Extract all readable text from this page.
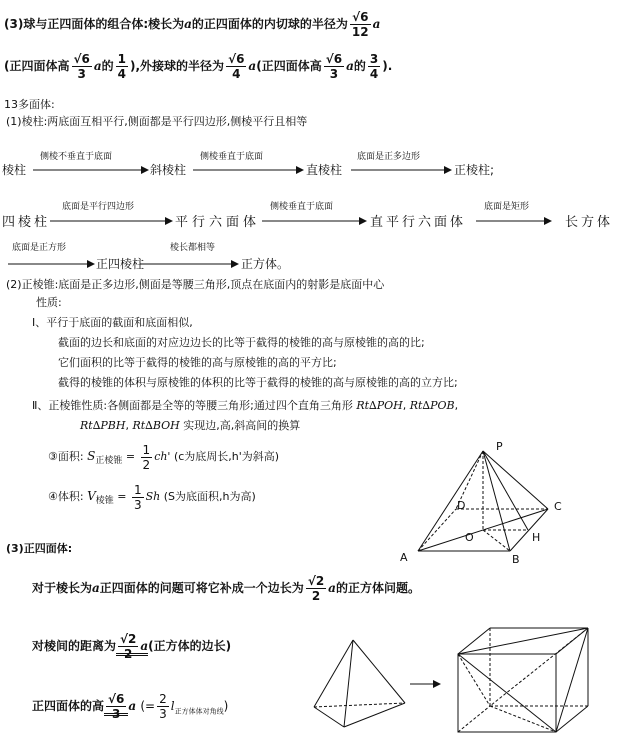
(3)球与正四面体的组合体:棱长为a的正四面体的内切球的半径为 $\frac{√6}{12}$ a
(正四面体高 $\frac{√6}{3}$ a的 $\frac{1}{4}$ ),外接球的半径为 $\frac{√6}{4} a$(正四面体高 $\frac{√6}{3}$ a的 $\frac{3}{4}$ ).
13多面体:
(1)棱柱:两底面互相平行,侧面都是平行四边形,侧棱平行且相等
棱柱
侧棱不垂直于底面
斜棱柱
侧棱垂直于底面
直棱柱
底面是正多边形
正棱柱;
四棱柱
底面是平行四边形
平行六面体
侧棱垂直于底面
直平行六面体
底面是矩形
长方体
底面是正方形
正四棱柱
棱长都相等
正方体。
(2)正棱锥:底面是正多边形,侧面是等腰三角形,顶点在底面内的射影是底面中心
性质:
Ⅰ、平行于底面的截面和底面相似,
截面的边长和底面的对应边边长的比等于截得的棱锥的高与原棱锥的高的比;
它们面积的比等于截得的棱锥的高与原棱锥的高的平方比;
截得的棱锥的体积与原棱锥的体积的比等于截得的棱锥的高与原棱锥的高的立方比;
Ⅱ、正棱锥性质:各侧面都是全等的等腰三角形;通过四个直角三角形 Rt∆POH, Rt∆POB,
Rt∆PBH, Rt∆BOH 实现边,高,斜高间的换算
③面积: $S_{正棱锥} = \frac{1}{2} ch'$ (c为底周长,h'为斜高)
④体积: $V_{棱锥} = \frac{1}{3}$ Sh (S为底面积,h为高)
P
D	C
O	H
A	B
(3)正四面体:
对于棱长为a正四面体的问题可将它补成一个边长为 $\frac{√2}{2}$ a的正方体问题。
对棱间的距离为 $\frac{√2}{2} a$(正方体的边长)
正四面体的高 $\frac{√6}{3}$ a (= $\frac{2}{3} l_{正方体体对角线}$)
